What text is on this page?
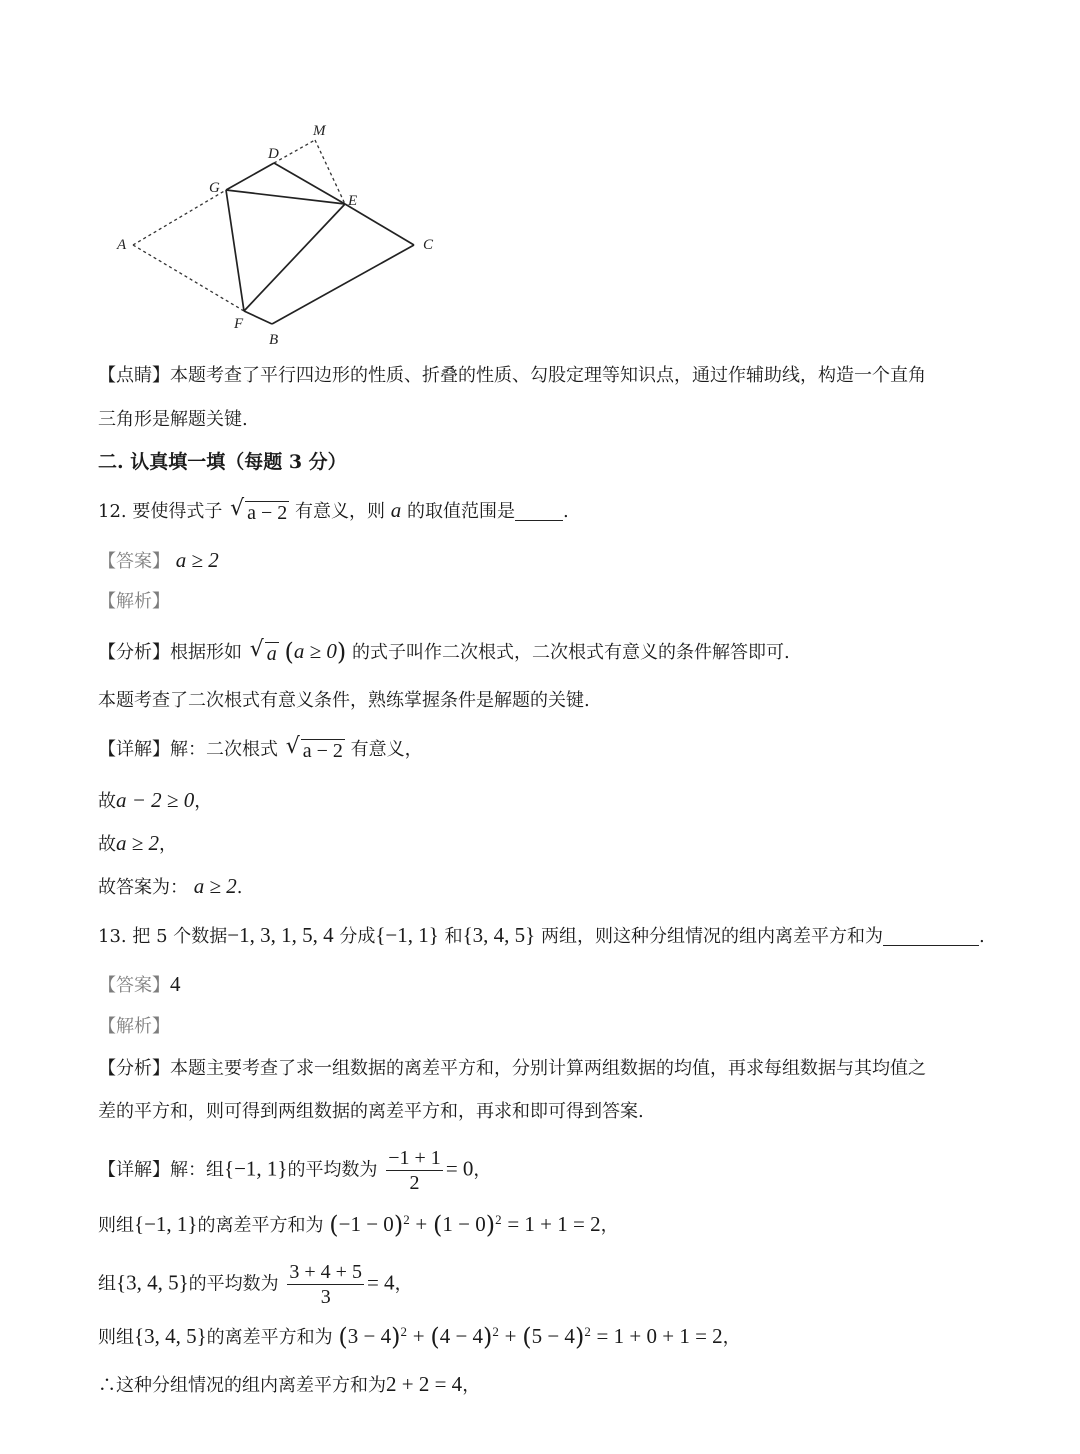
M
D
G
E
A	C
F
B
【点睛】本题考查了平行四边形的性质、折叠的性质、勾股定理等知识点，通过作辅助线，构造一个直角
三角形是解题关键.
二. 认真填一填（每题 3 分）
12. 要使得式子 √ a − 2 有意义，则 a 的取值范围是	.
【答案】 a ≥ 2
【解析】
【分析】根据形如 √ a (a ≥ 0) 的式子叫作二次根式，二次根式有意义的条件解答即可.
本题考查了二次根式有意义条件，熟练掌握条件是解题的关键.
【详解】解：二次根式 √ a − 2 有意义，
故a − 2 ≥ 0，
故a ≥ 2，
故答案为： a ≥ 2.
13. 把 5 个数据−1, 3, 1, 5, 4 分成{−1, 1} 和{3, 4, 5} 两组，则这种分组情况的组内离差平方和为	.
【答案】4
【解析】
【分析】本题主要考查了求一组数据的离差平方和，分别计算两组数据的均值，再求每组数据与其均值之
差的平方和，则可得到两组数据的离差平方和，再求和即可得到答案.
【详解】解：组{−1, 1}的平均数为 $\frac{-1 + 1}{2} = 0$，
则组{−1, 1}的离差平方和为 $(-1 - 0)^2 + (1 - 0)^2 = 1 + 1 = 2$，
组{3, 4, 5}的平均数为 $\frac{3 + 4 + 5}{3} = 4$，
则组{3, 4, 5}的离差平方和为 $(3 - 4)^2 + (4 - 4)^2 + (5 - 4)^2 = 1 + 0 + 1 = 2$，
∴这种分组情况的组内离差平方和为2 + 2 = 4，
